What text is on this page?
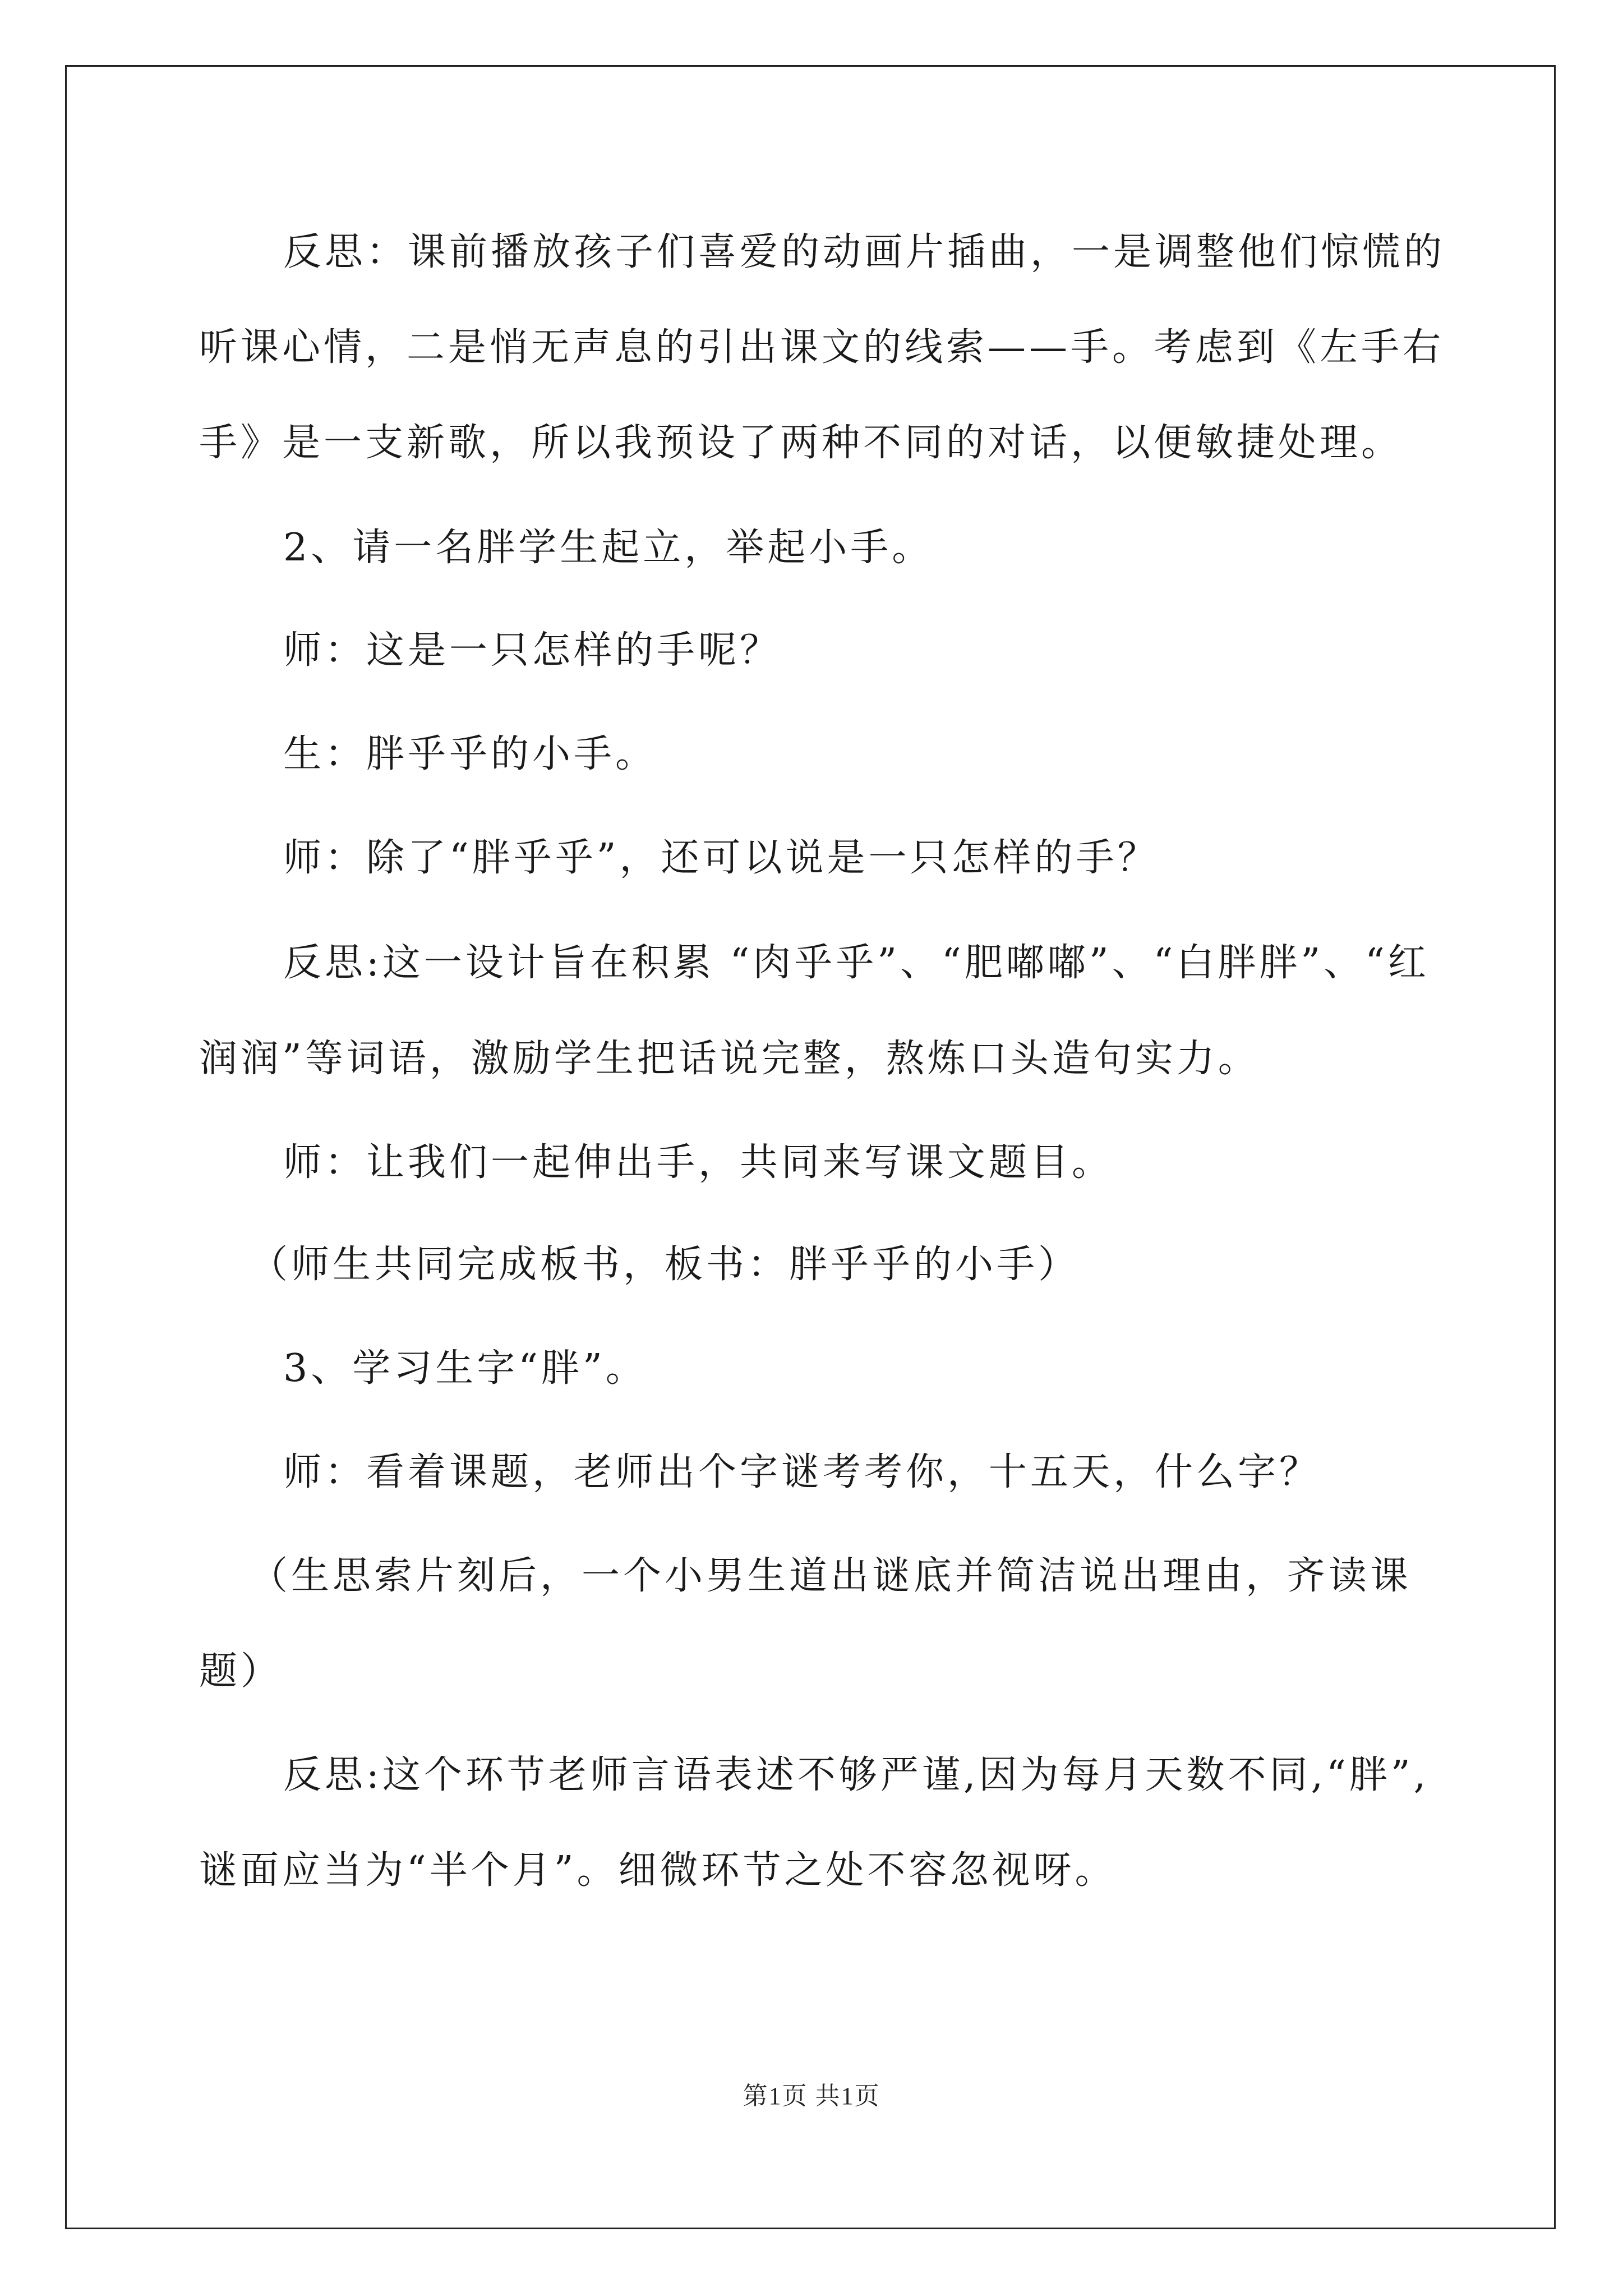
反思：课前播放孩子们喜爱的动画片插曲，一是调整他们惊慌的
听课心情，二是悄无声息的引出课文的线索——手。考虑到《左手右
手》是一支新歌，所以我预设了两种不同的对话，以便敏捷处理。
2、请一名胖学生起立，举起小手。
师：这是一只怎样的手呢？
生：胖乎乎的小手。
师：除了“胖乎乎”，还可以说是一只怎样的手？
反思:这一设计旨在积累 “肉乎乎”、“肥嘟嘟”、“白胖胖”、“红
润润”等词语，激励学生把话说完整，熬炼口头造句实力。
师：让我们一起伸出手，共同来写课文题目。
（师生共同完成板书，板书：胖乎乎的小手）
3、学习生字“胖”。
师：看着课题，老师出个字谜考考你，十五天，什么字？
（生思索片刻后，一个小男生道出谜底并简洁说出理由，齐读课
题）
反思:这个环节老师言语表述不够严谨,因为每月天数不同,“胖”,
谜面应当为“半个月”。细微环节之处不容忽视呀。
第1页 共1页
